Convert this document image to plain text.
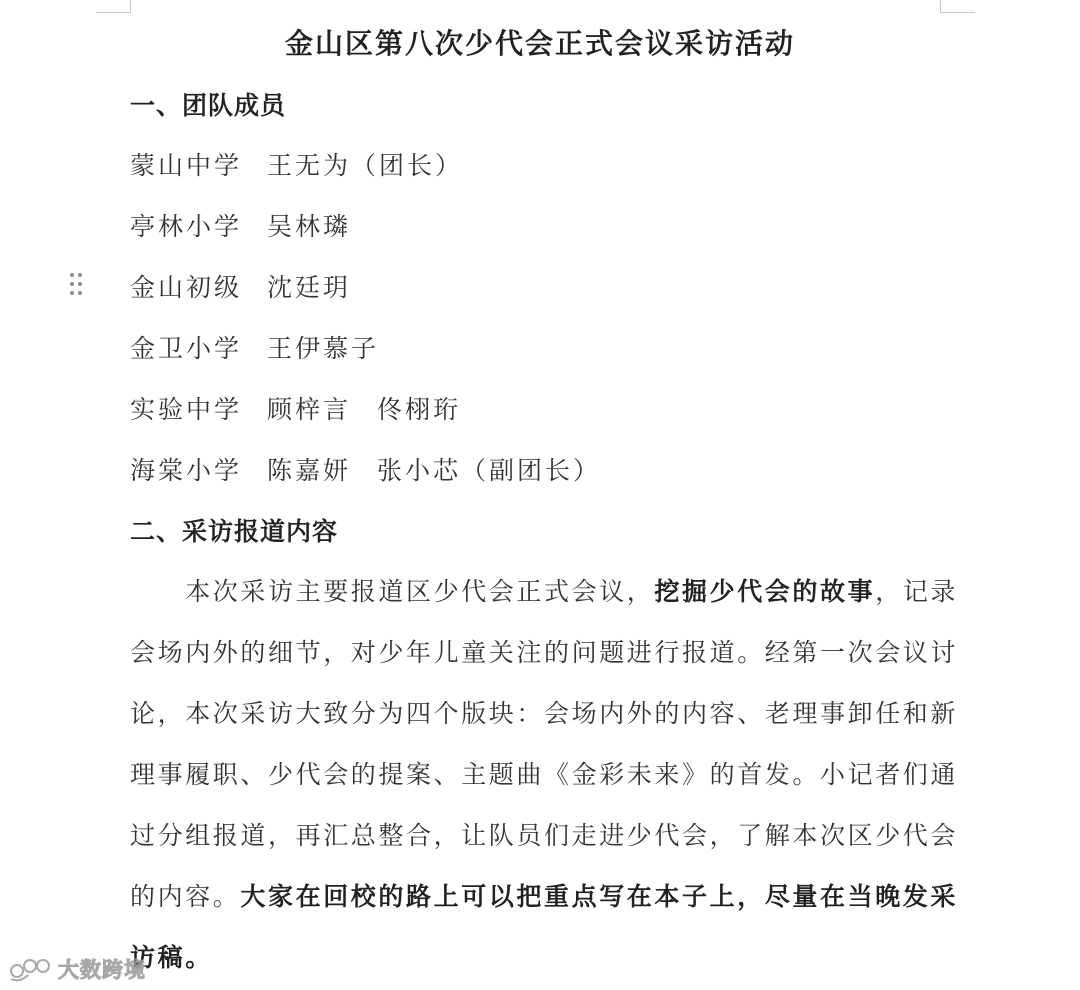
金山区第八次少代会正式会议采访活动
一、团队成员
蒙山中学 王无为（团长）
亭林小学 吴林璘
金山初级 沈廷玥
金卫小学 王伊慕子
实验中学 顾梓言 佟栩珩
海棠小学 陈嘉妍 张小芯（副团长）
二、采访报道内容
　　本次采访主要报道区少代会正式会议，挖掘少代会的故事，记录
会场内外的细节，对少年儿童关注的问题进行报道。经第一次会议讨
论，本次采访大致分为四个版块：会场内外的内容、老理事卸任和新
理事履职、少代会的提案、主题曲《金彩未来》的首发。小记者们通
过分组报道，再汇总整合，让队员们走进少代会，了解本次区少代会
的内容。大家在回校的路上可以把重点写在本子上，尽量在当晚发采
访稿。
大数跨境
